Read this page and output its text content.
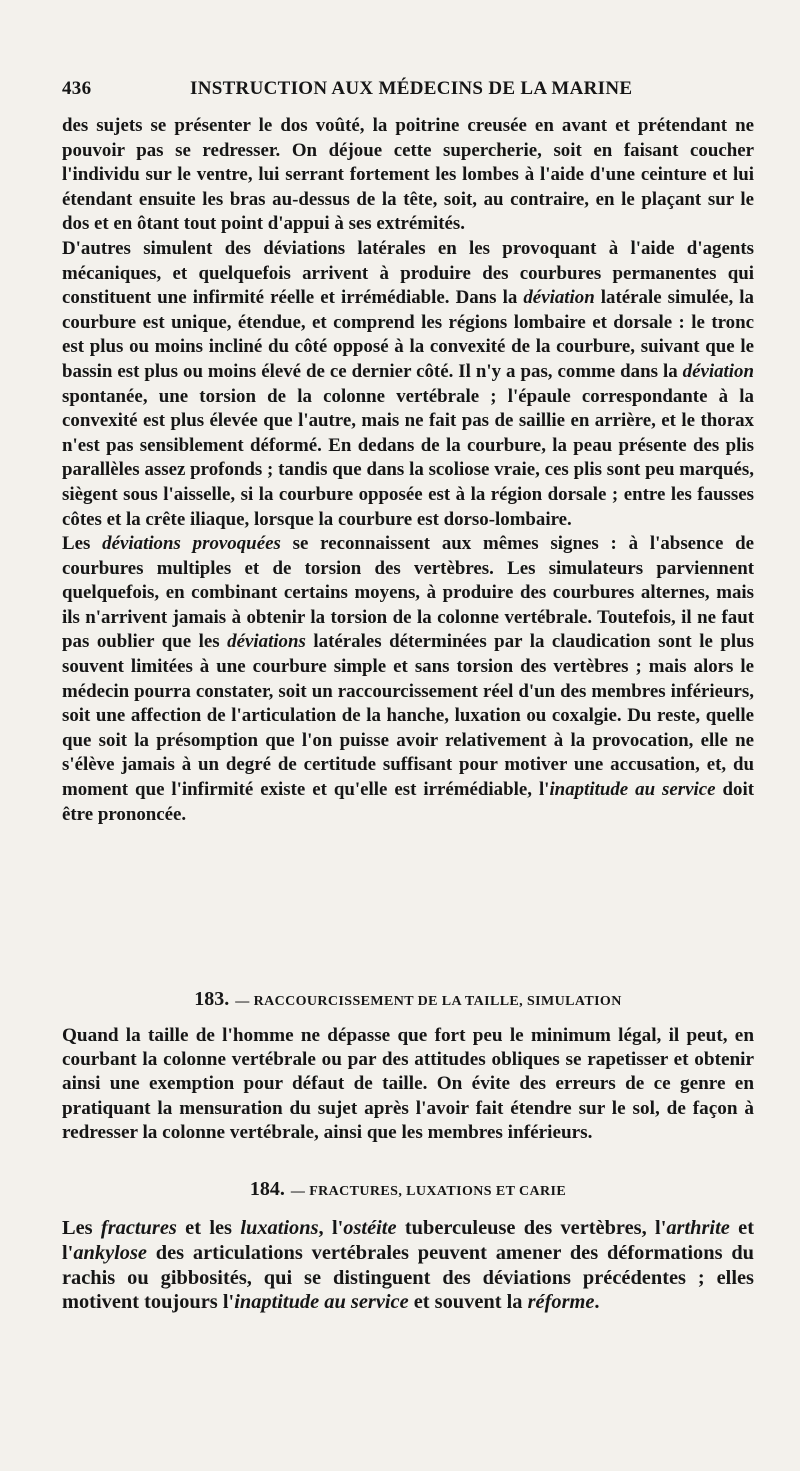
436	INSTRUCTION AUX MÉDECINS DE LA MARINE

des sujets se présenter le dos voûté, la poitrine creusée en avant et prétendant ne pouvoir pas se redresser. On déjoue cette supercherie, soit en faisant coucher l'individu sur le ventre, lui serrant fortement les lombes à l'aide d'une ceinture et lui étendant ensuite les bras au-dessus de la tête, soit, au contraire, en le plaçant sur le dos et en ôtant tout point d'appui à ses extrémités.

D'autres simulent des déviations latérales en les provoquant à l'aide d'agents mécaniques, et quelquefois arrivent à produire des courbures permanentes qui constituent une infirmité réelle et irrémédiable. Dans la déviation latérale simulée, la courbure est unique, étendue, et comprend les régions lombaire et dorsale : le tronc est plus ou moins incliné du côté opposé à la convexité de la courbure, suivant que le bassin est plus ou moins élevé de ce dernier côté. Il n'y a pas, comme dans la déviation spontanée, une torsion de la colonne vertébrale ; l'épaule correspondante à la convexité est plus élevée que l'autre, mais ne fait pas de saillie en arrière, et le thorax n'est pas sensiblement déformé. En dedans de la courbure, la peau présente des plis parallèles assez profonds ; tandis que dans la scoliose vraie, ces plis sont peu marqués, siègent sous l'aisselle, si la courbure opposée est à la région dorsale ; entre les fausses côtes et la crête iliaque, lorsque la courbure est dorso-lombaire.

Les déviations provoquées se reconnaissent aux mêmes signes : à l'absence de courbures multiples et de torsion des vertèbres. Les simulateurs parviennent quelquefois, en combinant certains moyens, à produire des courbures alternes, mais ils n'arrivent jamais à obtenir la torsion de la colonne vertébrale. Toutefois, il ne faut pas oublier que les déviations latérales déterminées par la claudication sont le plus souvent limitées à une courbure simple et sans torsion des vertèbres ; mais alors le médecin pourra constater, soit un raccourcissement réel d'un des membres inférieurs, soit une affection de l'articulation de la hanche, luxation ou coxalgie. Du reste, quelle que soit la présomption que l'on puisse avoir relativement à la provocation, elle ne s'élève jamais à un degré de certitude suffisant pour motiver une accusation, et, du moment que l'infirmité existe et qu'elle est irrémédiable, l'inaptitude au service doit être prononcée.

183. — RACCOURCISSEMENT DE LA TAILLE, SIMULATION

Quand la taille de l'homme ne dépasse que fort peu le minimum légal, il peut, en courbant la colonne vertébrale ou par des attitudes obliques se rapetisser et obtenir ainsi une exemption pour défaut de taille. On évite des erreurs de ce genre en pratiquant la mensuration du sujet après l'avoir fait étendre sur le sol, de façon à redresser la colonne vertébrale, ainsi que les membres inférieurs.

184. — FRACTURES, LUXATIONS ET CARIE

Les fractures et les luxations, l'ostéite tuberculeuse des vertèbres, l'arthrite et l'ankylose des articulations vertébrales peuvent amener des déformations du rachis ou gibbosités, qui se distinguent des déviations précédentes ; elles motivent toujours l'inaptitude au service et souvent la réforme.
